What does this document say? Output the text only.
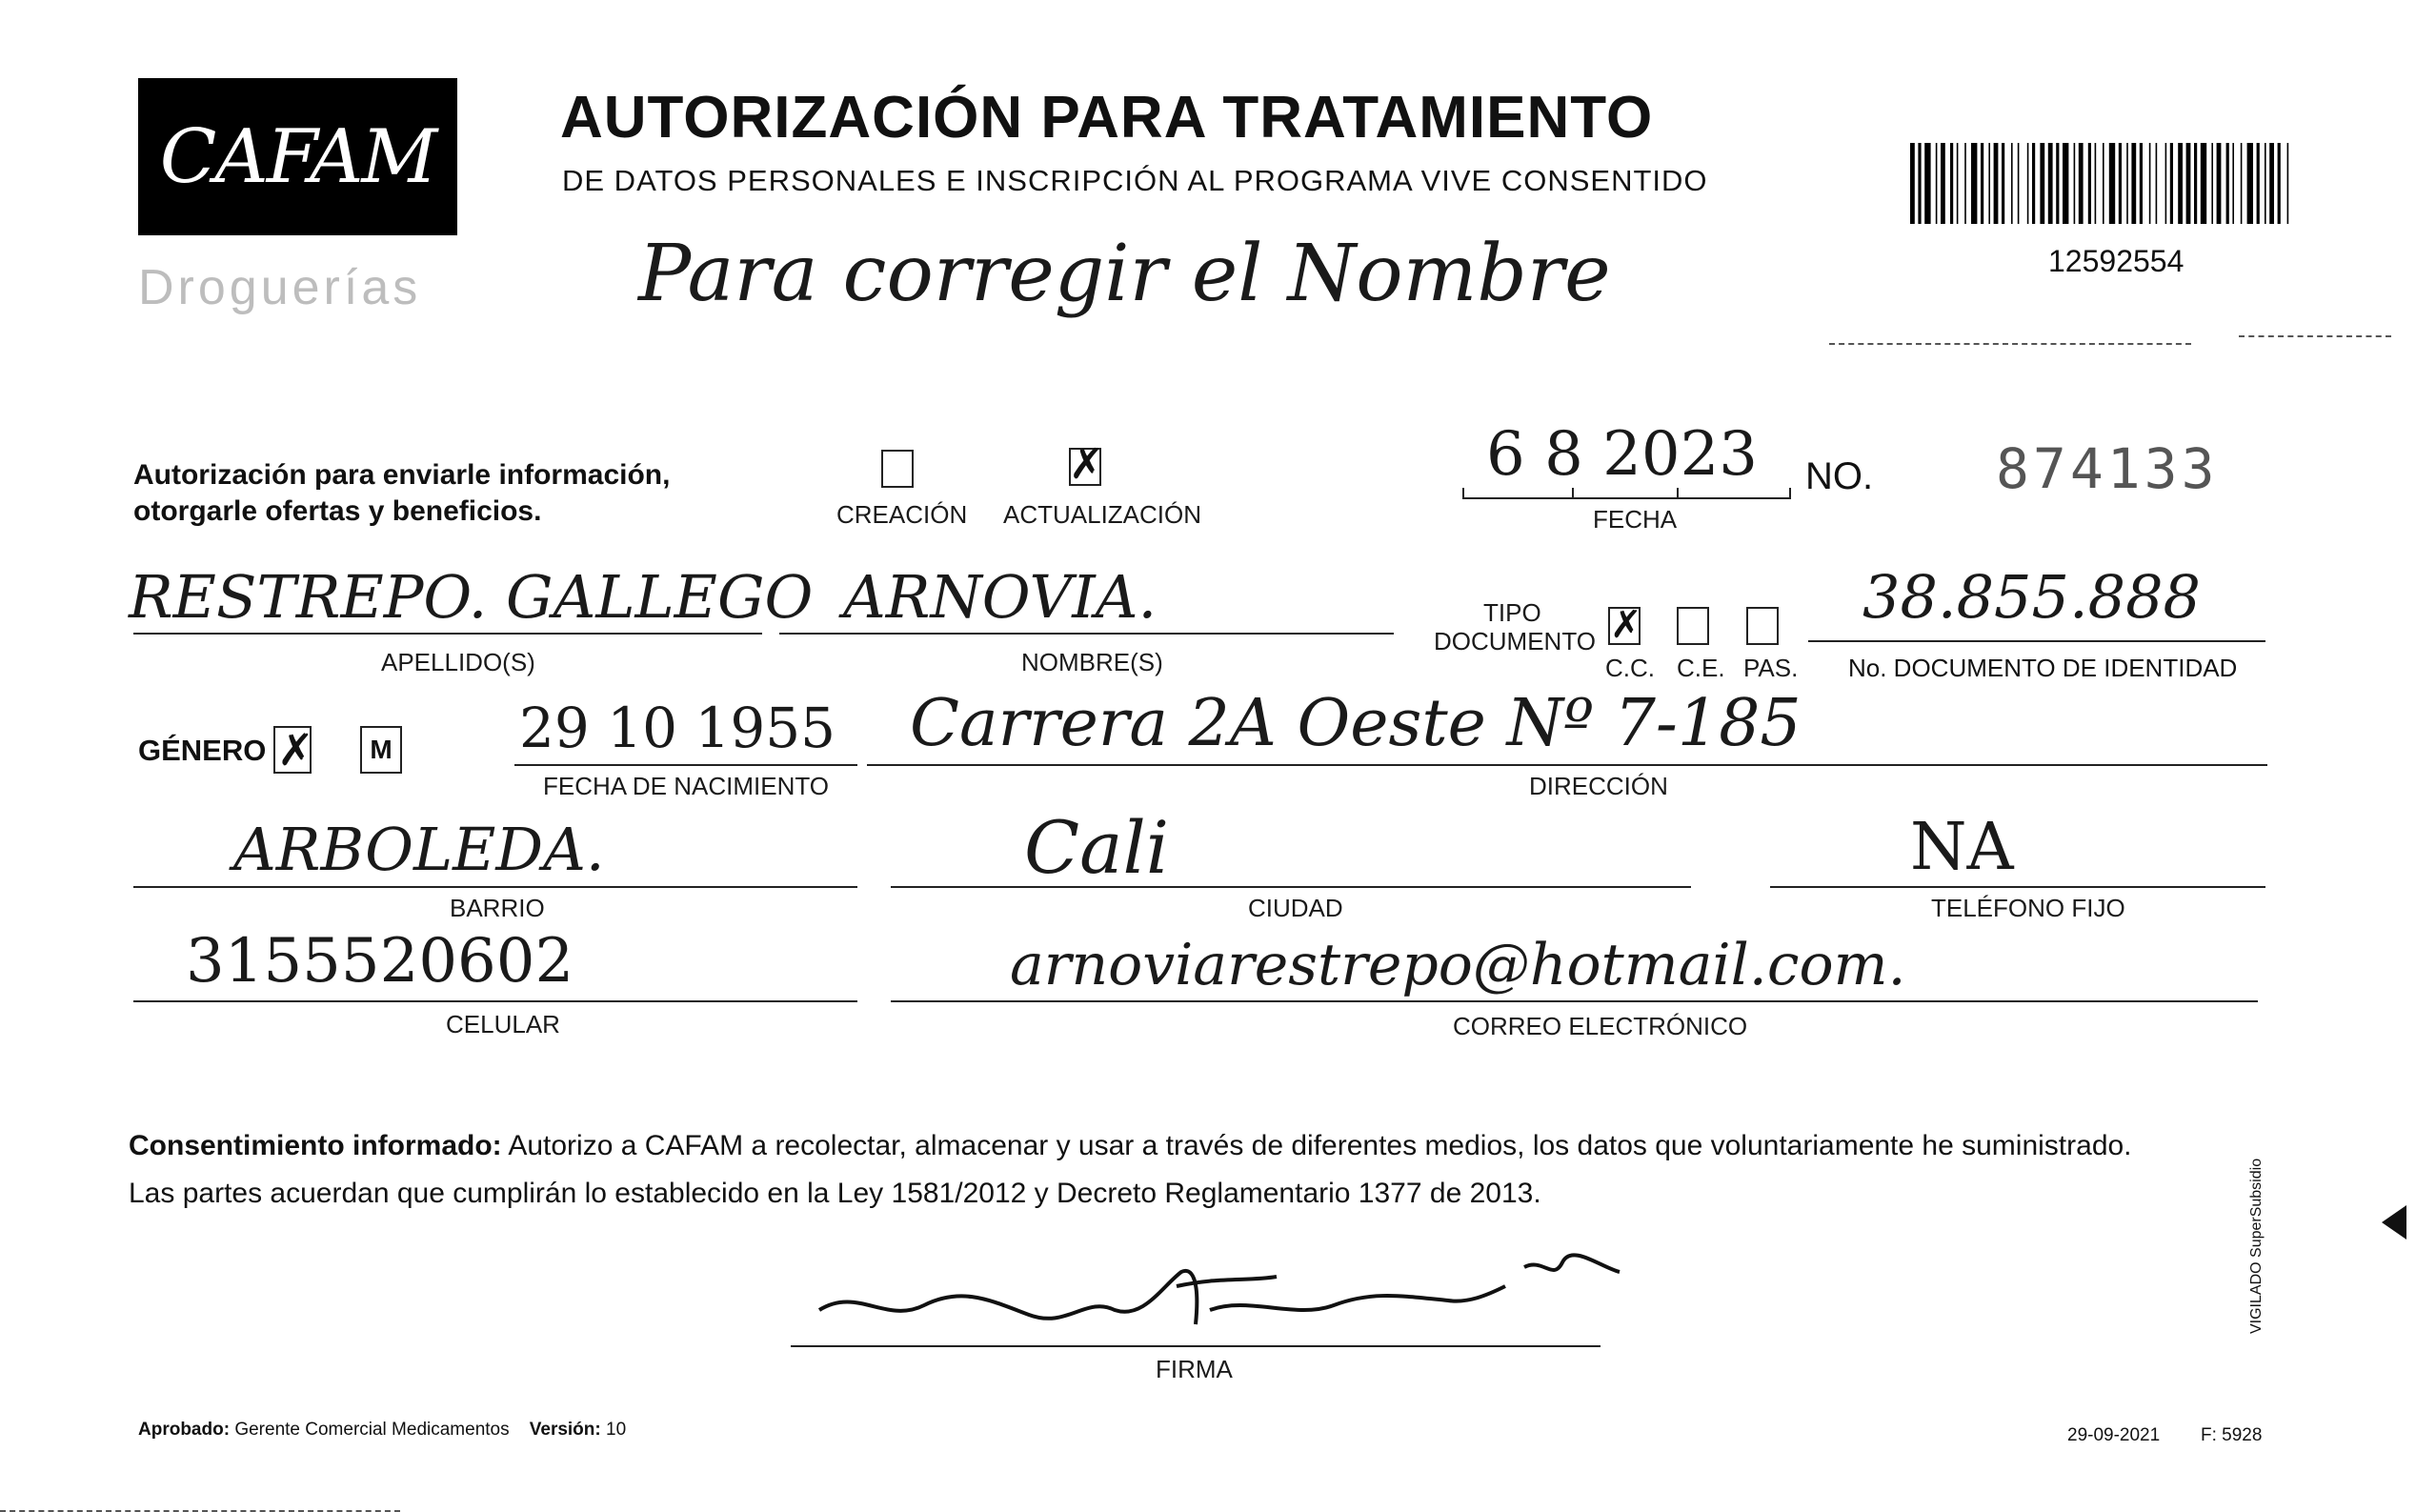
CAFAM
Droguerías
AUTORIZACIÓN PARA TRATAMIENTO
DE DATOS PERSONALES E INSCRIPCIÓN AL PROGRAMA VIVE CONSENTIDO
12592554
Para corregir el Nombre
Autorización para enviarle información,
otorgarle ofertas y beneficios.	CREACIÓN
✗
ACTUALIZACIÓN
6 8 2023
FECHA
NO. 874133
RESTREPO. GALLEGO
APELLIDO(S)
ARNOVIA.
NOMBRE(S)
TIPO
DOCUMENTO ✗
C.C. C.E. PAS.
38.855.888
No. DOCUMENTO DE IDENTIDAD
GÉNERO ✗ M 29 10 1955
FECHA DE NACIMIENTO
Carrera 2A Oeste Nº 7-185
DIRECCIÓN
ARBOLEDA.
BARRIO
Cali
CIUDAD
NA
TELÉFONO FIJO
3155520602
CELULAR
arnoviarestrepo@hotmail.com.
CORREO ELECTRÓNICO
Consentimiento informado: Autorizo a CAFAM a recolectar, almacenar y usar a través de diferentes medios, los datos que voluntariamente he suministrado.
Las partes acuerdan que cumplirán lo establecido en la Ley 1581/2012 y Decreto Reglamentario 1377 de 2013.
FIRMA
Aprobado: Gerente Comercial Medicamentos Versión: 10	29-09-2021 F: 5928
VIGILADO SuperSubsidio
